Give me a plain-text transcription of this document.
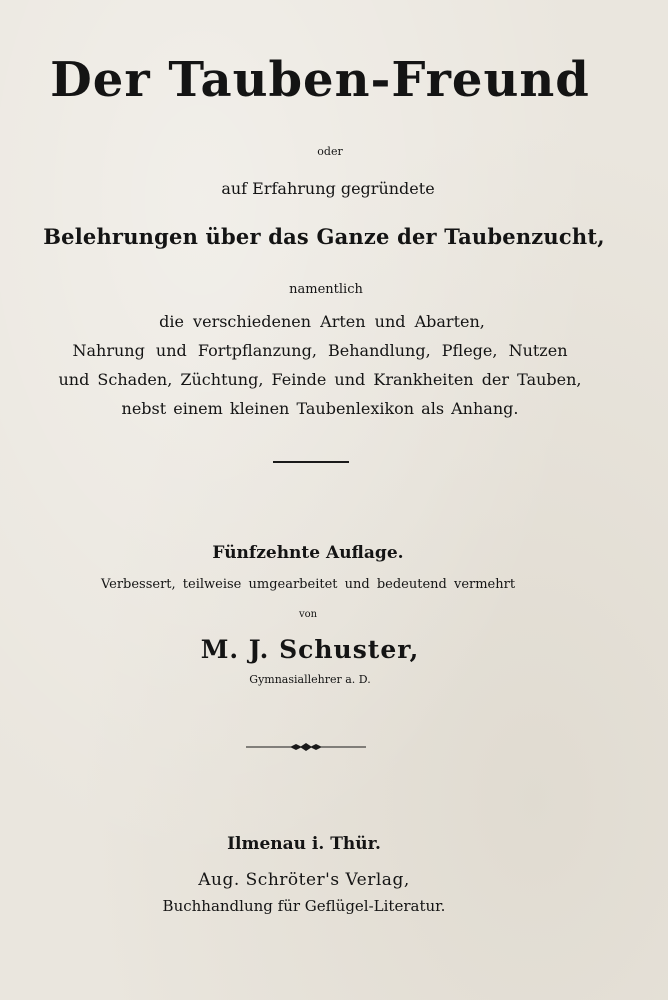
Der Tauben-Freund
oder
auf Erfahrung gegründete
Belehrungen über das Ganze der Taubenzucht,
namentlich
die verschiedenen Arten und Abarten,
Nahrung und Fortpflanzung, Behandlung, Pflege, Nutzen
und Schaden, Züchtung, Feinde und Krankheiten der Tauben,
nebst einem kleinen Taubenlexikon als Anhang.
Fünfzehnte Auflage.
Verbessert, teilweise umgearbeitet und bedeutend vermehrt
von
M. J. Schuster,
Gymnasiallehrer a. D.
Ilmenau i. Thür.
Aug. Schröter's Verlag,
Buchhandlung für Geflügel-Literatur.
